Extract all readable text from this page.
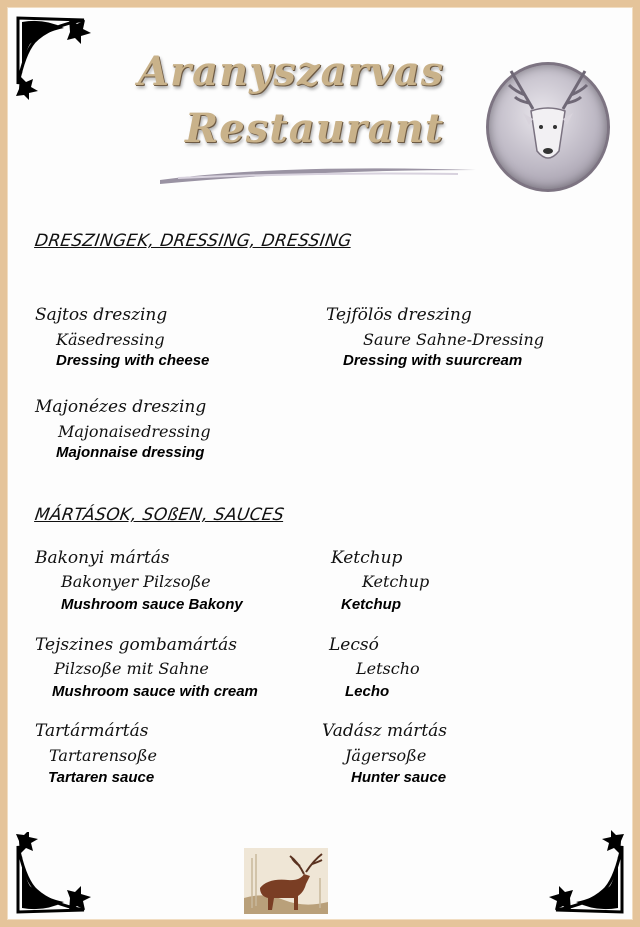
Aranyszarvas
Restaurant
DRESZINGEK, DRESSING, DRESSING
Sajtos dreszing
Käsedressing
Dressing with cheese
Tejfölös dreszing
Saure Sahne-Dressing
Dressing with suurcream
Majonézes dreszing
Majonaisedressing
Majonnaise dressing
MÁRTÁSOK, SOßEN, SAUCES
Bakonyi mártás
Bakonyer Pilzsoße
Mushroom sauce Bakony
Ketchup
Ketchup
Ketchup
Tejszines gombamártás
Pilzsoße mit Sahne
Mushroom sauce with cream
Lecsó
Letscho
Lecho
Tartármártás
Tartarensoße
Tartaren sauce
Vadász mártás
Jägersoße
Hunter sauce
